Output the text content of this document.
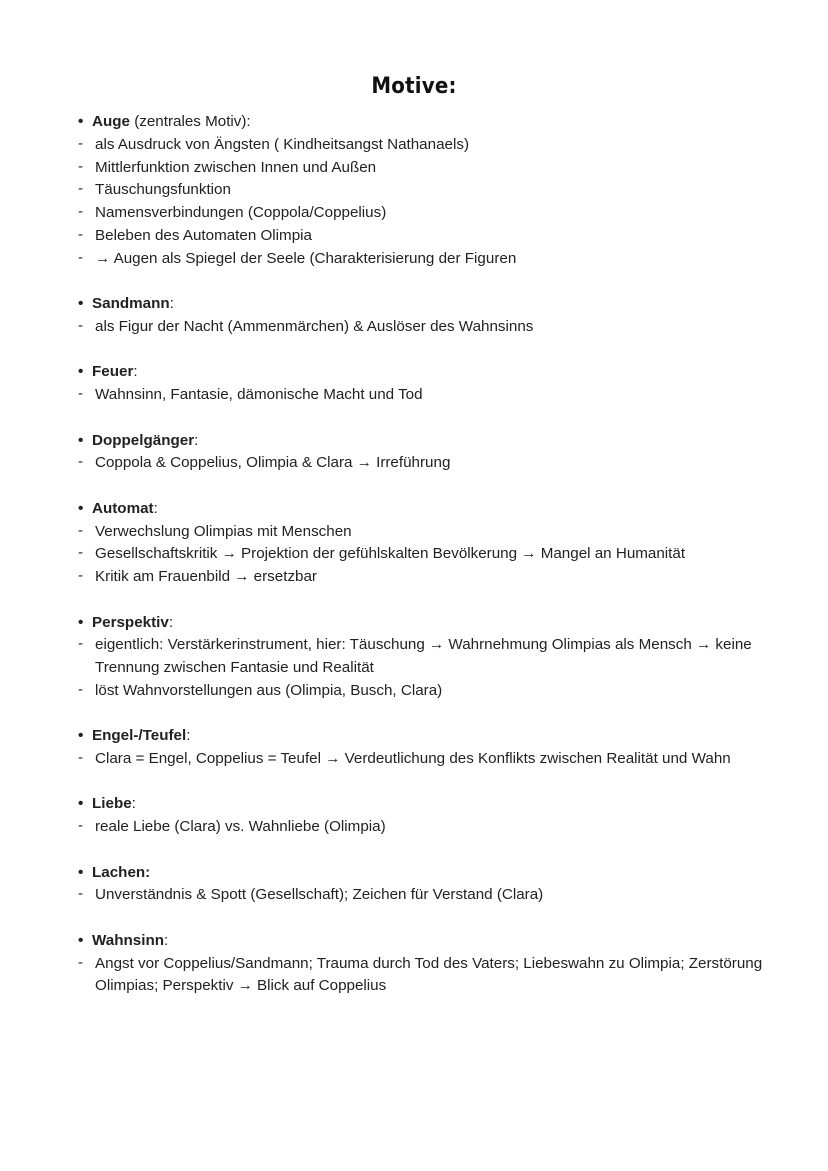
Motive:
• Auge (zentrales Motiv):
- als Ausdruck von Ängsten ( Kindheitsangst Nathanaels)
- Mittlerfunktion zwischen Innen und Außen
- Täuschungsfunktion
- Namensverbindungen (Coppola/Coppelius)
- Beleben des Automaten Olimpia
- → Augen als Spiegel der Seele (Charakterisierung der Figuren
• Sandmann:
- als Figur der Nacht (Ammenmärchen) & Auslöser des Wahnsinns
• Feuer:
- Wahnsinn, Fantasie, dämonische Macht und Tod
• Doppelgänger:
- Coppola & Coppelius, Olimpia & Clara → Irreführung
• Automat:
- Verwechslung Olimpias mit Menschen
- Gesellschaftskritik → Projektion der gefühlskalten Bevölkerung → Mangel an Humanität
- Kritik am Frauenbild → ersetzbar
• Perspektiv:
- eigentlich: Verstärkerinstrument, hier: Täuschung → Wahrnehmung Olimpias als Mensch → keine Trennung zwischen Fantasie und Realität
- löst Wahnvorstellungen aus (Olimpia, Busch, Clara)
• Engel-/Teufel:
- Clara = Engel, Coppelius = Teufel → Verdeutlichung des Konflikts zwischen Realität und Wahn
• Liebe:
- reale Liebe (Clara) vs. Wahnliebe (Olimpia)
• Lachen:
- Unverständnis & Spott (Gesellschaft); Zeichen für Verstand (Clara)
• Wahnsinn:
- Angst vor Coppelius/Sandmann; Trauma durch Tod des Vaters; Liebeswahn zu Olimpia; Zerstörung Olimpias; Perspektiv → Blick auf Coppelius
